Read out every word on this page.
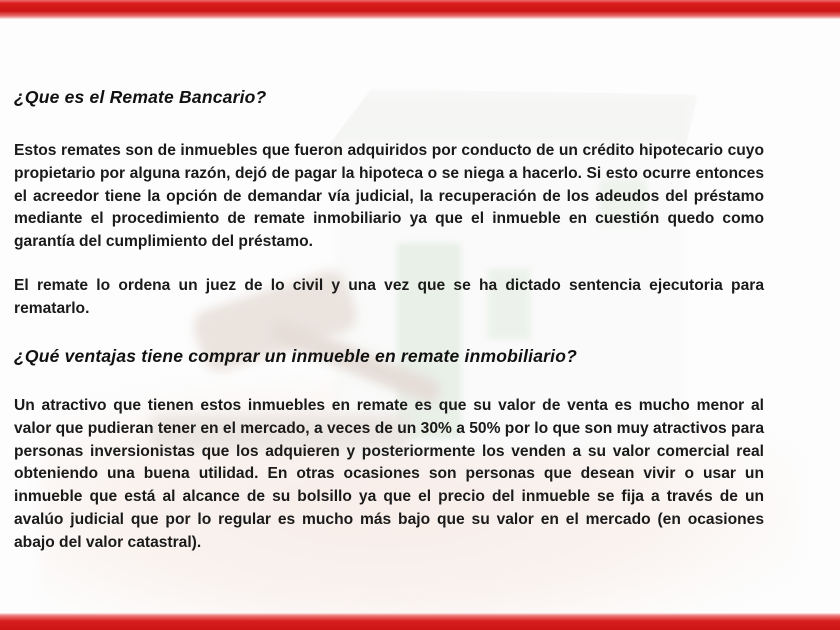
¿Que es el Remate Bancario?
Estos remates son de inmuebles que fueron adquiridos por conducto de un crédito hipotecario cuyo propietario por alguna razón, dejó de pagar la hipoteca o se niega a hacerlo. Si esto ocurre entonces el acreedor tiene la opción de demandar vía judicial, la recuperación de los adeudos del préstamo mediante el procedimiento de remate inmobiliario ya que el inmueble en cuestión quedo como garantía del cumplimiento del préstamo.
El remate lo ordena un juez de lo civil y una vez que se ha dictado sentencia ejecutoria para rematarlo.
¿Qué ventajas tiene comprar un inmueble en remate inmobiliario?
Un atractivo que tienen estos inmuebles en remate es que su valor de venta es mucho menor al valor que pudieran tener en el mercado, a veces de un 30% a 50% por lo que son muy atractivos para personas inversionistas que los adquieren y posteriormente los venden a su valor comercial real obteniendo una buena utilidad. En otras ocasiones son personas que desean vivir o usar un inmueble que está al alcance de su bolsillo ya que el precio del inmueble se fija a través de un avalúo judicial que por lo regular es mucho más bajo que su valor en el mercado (en ocasiones abajo del valor catastral).
